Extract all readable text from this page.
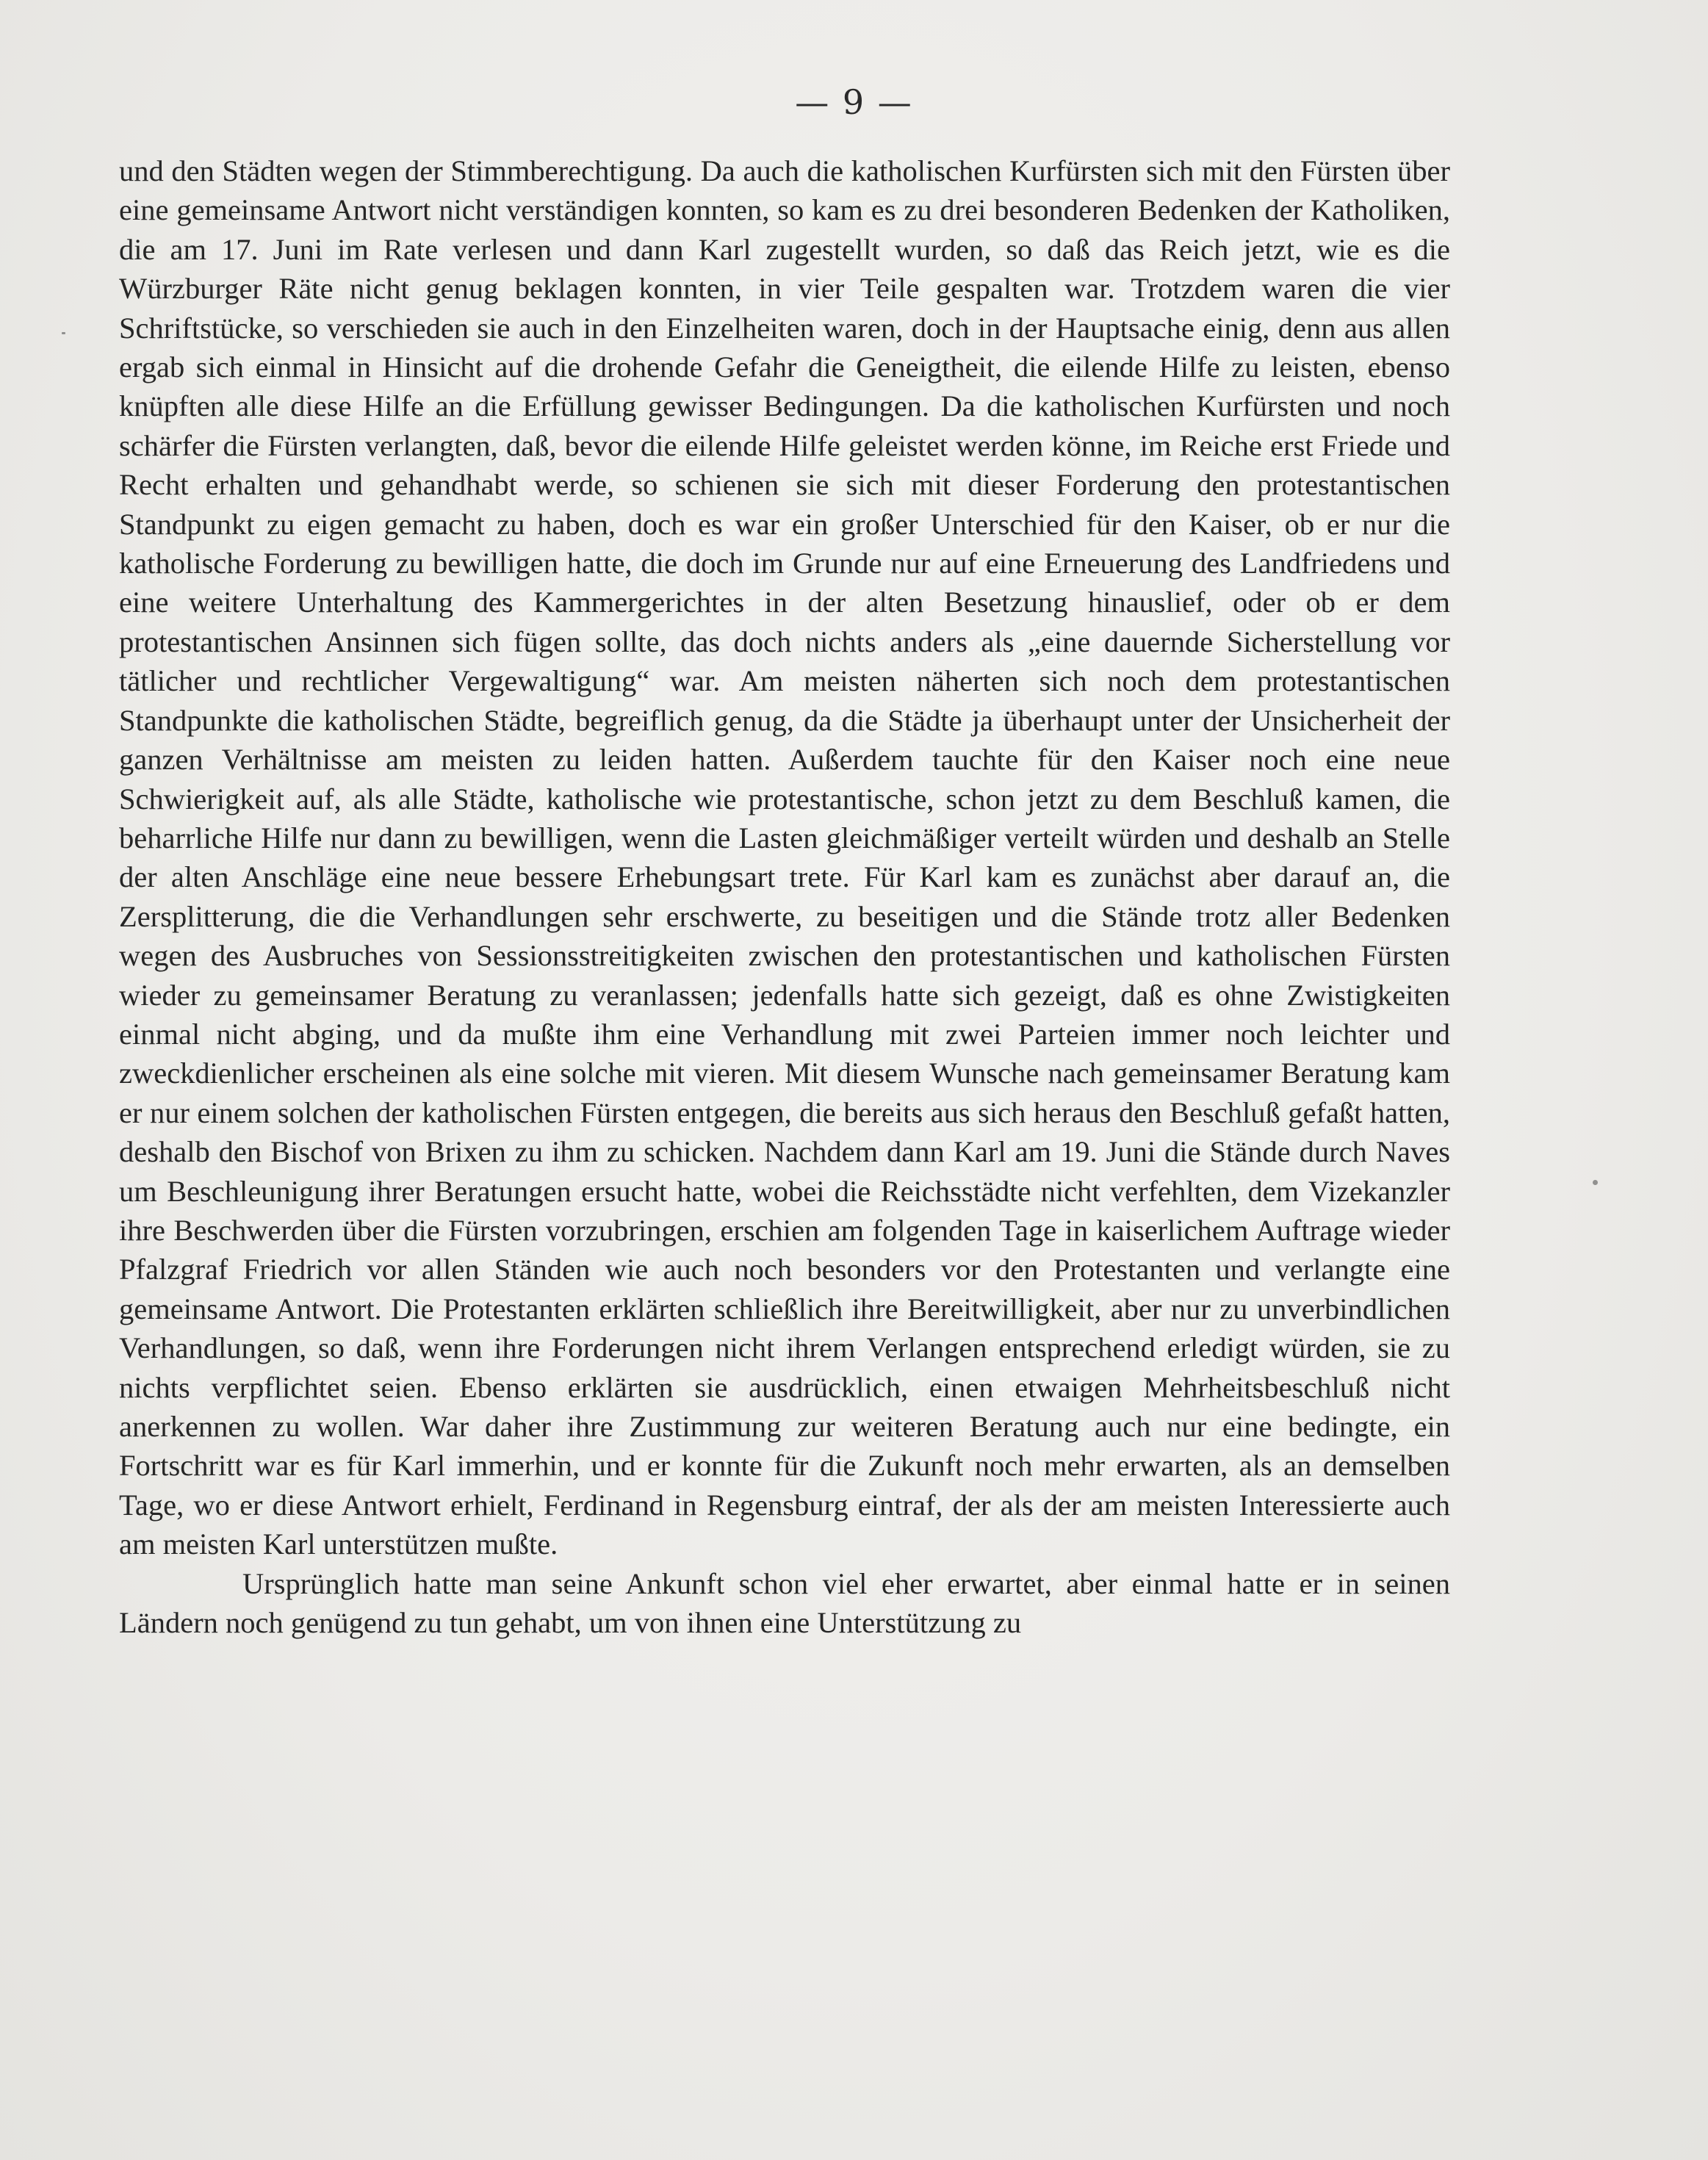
— 9 —

und den Städten wegen der Stimmberechtigung. Da auch die katholischen Kurfürsten sich mit den Fürsten über eine gemeinsame Antwort nicht verständigen konnten, so kam es zu drei besonderen Bedenken der Katholiken, die am 17. Juni im Rate verlesen und dann Karl zugestellt wurden, so daß das Reich jetzt, wie es die Würzburger Räte nicht genug beklagen konnten, in vier Teile gespalten war. Trotzdem waren die vier Schriftstücke, so verschieden sie auch in den Einzelheiten waren, doch in der Hauptsache einig, denn aus allen ergab sich einmal in Hinsicht auf die drohende Gefahr die Geneigtheit, die eilende Hilfe zu leisten, ebenso knüpften alle diese Hilfe an die Erfüllung gewisser Bedingungen. Da die katholischen Kurfürsten und noch schärfer die Fürsten verlangten, daß, bevor die eilende Hilfe geleistet werden könne, im Reiche erst Friede und Recht erhalten und gehandhabt werde, so schienen sie sich mit dieser Forderung den protestantischen Standpunkt zu eigen gemacht zu haben, doch es war ein großer Unterschied für den Kaiser, ob er nur die katholische Forderung zu bewilligen hatte, die doch im Grunde nur auf eine Erneuerung des Landfriedens und eine weitere Unterhaltung des Kammergerichtes in der alten Besetzung hinauslief, oder ob er dem protestantischen Ansinnen sich fügen sollte, das doch nichts anders als „eine dauernde Sicherstellung vor tätlicher und rechtlicher Vergewaltigung“ war. Am meisten näherten sich noch dem protestantischen Standpunkte die katholischen Städte, begreiflich genug, da die Städte ja überhaupt unter der Unsicherheit der ganzen Verhältnisse am meisten zu leiden hatten. Außerdem tauchte für den Kaiser noch eine neue Schwierigkeit auf, als alle Städte, katholische wie protestantische, schon jetzt zu dem Beschluß kamen, die beharrliche Hilfe nur dann zu bewilligen, wenn die Lasten gleichmäßiger verteilt würden und deshalb an Stelle der alten Anschläge eine neue bessere Erhebungsart trete. Für Karl kam es zunächst aber darauf an, die Zersplitterung, die die Verhandlungen sehr erschwerte, zu beseitigen und die Stände trotz aller Bedenken wegen des Ausbruches von Sessionsstreitigkeiten zwischen den protestantischen und katholischen Fürsten wieder zu gemeinsamer Beratung zu veranlassen; jedenfalls hatte sich gezeigt, daß es ohne Zwistigkeiten einmal nicht abging, und da mußte ihm eine Verhandlung mit zwei Parteien immer noch leichter und zweckdienlicher erscheinen als eine solche mit vieren. Mit diesem Wunsche nach gemeinsamer Beratung kam er nur einem solchen der katholischen Fürsten entgegen, die bereits aus sich heraus den Beschluß gefaßt hatten, deshalb den Bischof von Brixen zu ihm zu schicken. Nachdem dann Karl am 19. Juni die Stände durch Naves um Beschleunigung ihrer Beratungen ersucht hatte, wobei die Reichsstädte nicht verfehlten, dem Vizekanzler ihre Beschwerden über die Fürsten vorzubringen, erschien am folgenden Tage in kaiserlichem Auftrage wieder Pfalzgraf Friedrich vor allen Ständen wie auch noch besonders vor den Protestanten und verlangte eine gemeinsame Antwort. Die Protestanten erklärten schließlich ihre Bereitwilligkeit, aber nur zu unverbindlichen Verhandlungen, so daß, wenn ihre Forderungen nicht ihrem Verlangen entsprechend erledigt würden, sie zu nichts verpflichtet seien. Ebenso erklärten sie ausdrücklich, einen etwaigen Mehrheitsbeschluß nicht anerkennen zu wollen. War daher ihre Zustimmung zur weiteren Beratung auch nur eine bedingte, ein Fortschritt war es für Karl immerhin, und er konnte für die Zukunft noch mehr erwarten, als an demselben Tage, wo er diese Antwort erhielt, Ferdinand in Regensburg eintraf, der als der am meisten Interessierte auch am meisten Karl unterstützen mußte.

Ursprünglich hatte man seine Ankunft schon viel eher erwartet, aber einmal hatte er in seinen Ländern noch genügend zu tun gehabt, um von ihnen eine Unterstützung zu
